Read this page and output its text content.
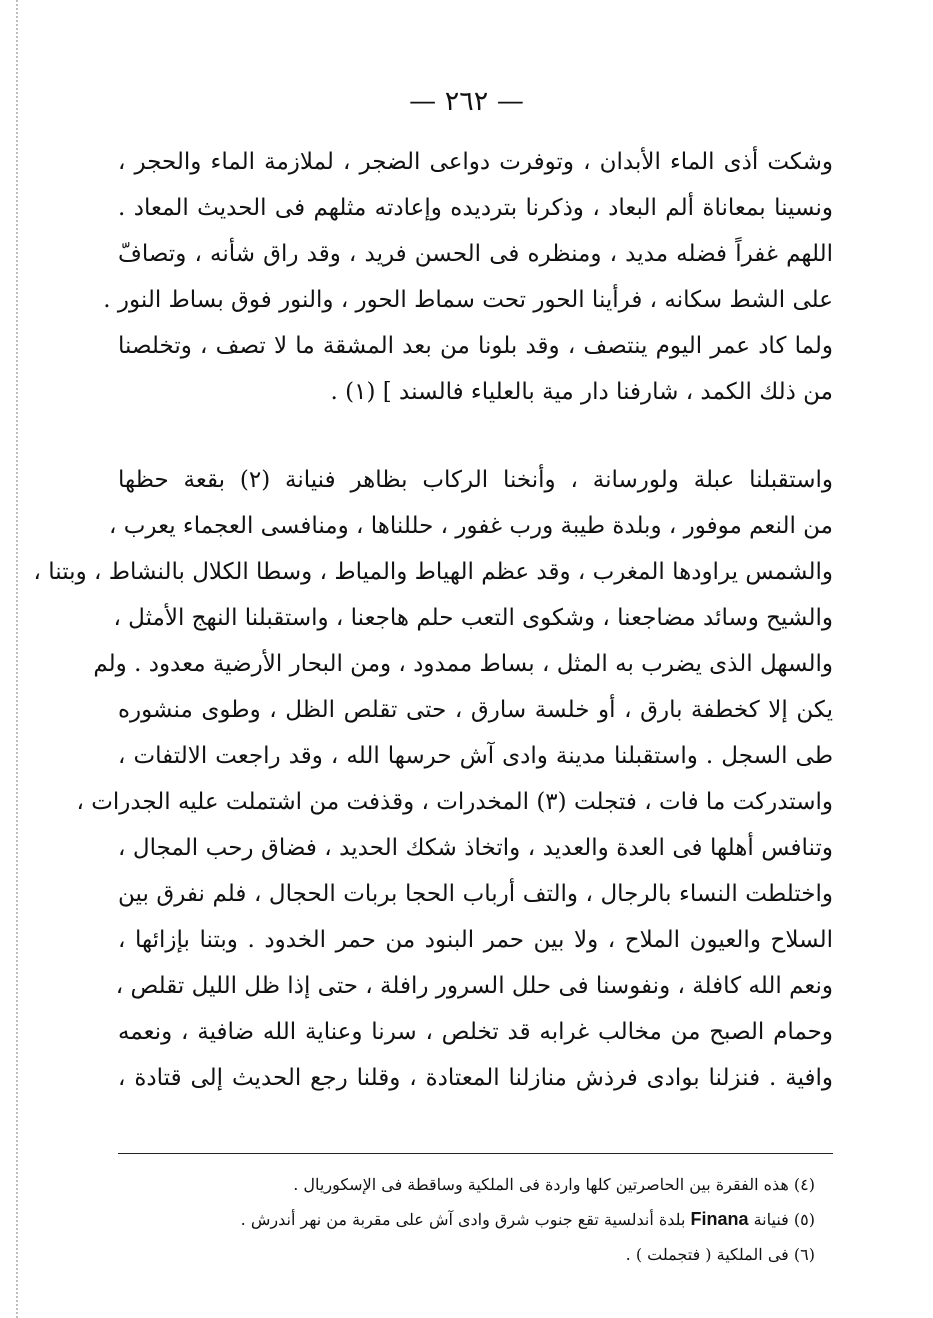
— ٢٦٢ —
وشكت أذى الماء الأبدان ، وتوفرت دواعى الضجر ، لملازمة الماء والحجر ،
ونسينا بمعاناة ألم البعاد ، وذكرنا بترديده وإعادته مثلهم فى الحديث المعاد .
اللهم غفراً فضله مديد ، ومنظره فى الحسن فريد ، وقد راق شأنه ، وتصافّ
على الشط سكانه ، فرأينا الحور تحت سماط الحور ، والنور فوق بساط النور .
ولما كاد عمر اليوم ينتصف ، وقد بلونا من بعد المشقة ما لا تصف ، وتخلصنا
من ذلك الكمد ، شارفنا دار مية بالعلياء فالسند ] (١) .
واستقبلنا عبلة ولورسانة ، وأنخنا الركاب بظاهر فنيانة (٢) بقعة حظها
من النعم موفور ، وبلدة طيبة ورب غفور ، حللناها ، ومنافسى العجماء يعرب ،
والشمس يراودها المغرب ، وقد عظم الهياط والمياط ، وسطا الكلال بالنشاط ، وبتنا ،
والشيح وسائد مضاجعنا ، وشكوى التعب حلم هاجعنا ، واستقبلنا النهج الأمثل ،
والسهل الذى يضرب به المثل ، بساط ممدود ، ومن البحار الأرضية معدود . ولم
يكن إلا كخطفة بارق ، أو خلسة سارق ، حتى تقلص الظل ، وطوى منشوره
طى السجل . واستقبلنا مدينة وادى آش حرسها الله ، وقد راجعت الالتفات ،
واستدركت ما فات ، فتجلت (٣) المخدرات ، وقذفت من اشتملت عليه الجدرات ،
وتنافس أهلها فى العدة والعديد ، واتخاذ شكك الحديد ، فضاق رحب المجال ،
واختلطت النساء بالرجال ، والتف أرباب الحجا بربات الحجال ، فلم نفرق بين
السلاح والعيون الملاح ، ولا بين حمر البنود من حمر الخدود . وبتنا بإزائها ،
ونعم الله كافلة ، ونفوسنا فى حلل السرور رافلة ، حتى إذا ظل الليل تقلص ،
وحمام الصبح من مخالب غرابه قد تخلص ، سرنا وعناية الله ضافية ، ونعمه
وافية . فنزلنا بوادى فرذش منازلنا المعتادة ، وقلنا رجع الحديث إلى قتادة ،
(٤) هذه الفقرة بين الحاصرتين كلها واردة فى الملكية وساقطة فى الإسكوريال .
(٥) فنيانة Finana بلدة أندلسية تقع جنوب شرق وادى آش على مقربة من نهر أندرش .
(٦) فى الملكية ( فتجملت ) .
